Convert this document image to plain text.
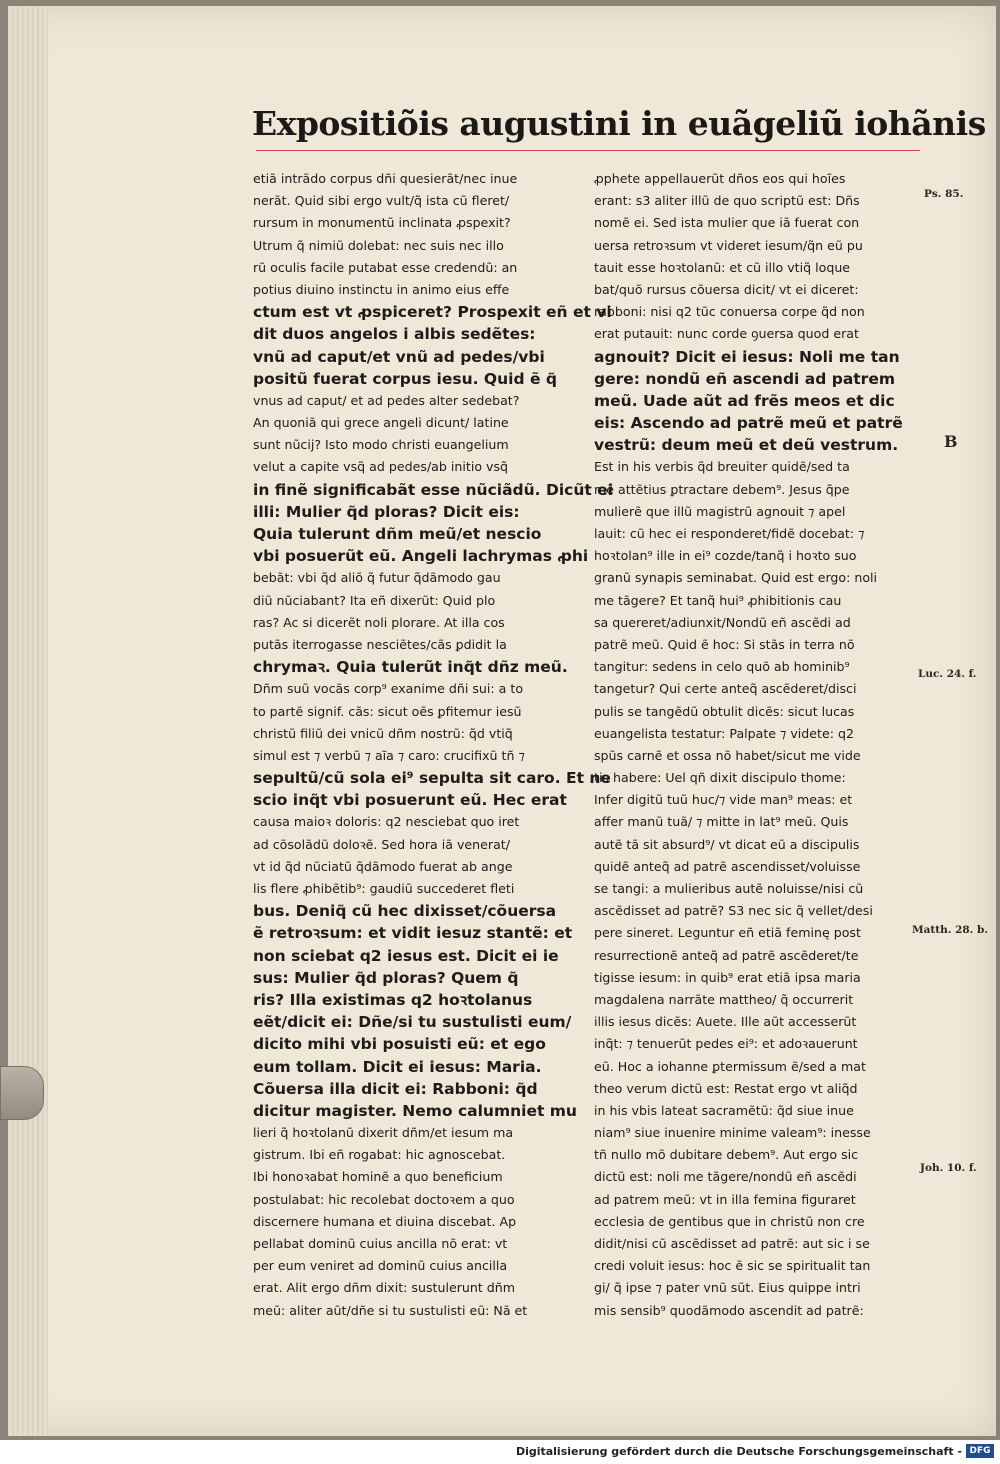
Expositiõis augustini in euãgeliũ iohãnis
etiã intrãdo corpus dñi quesierãt/nec inue
nerãt. Quid sibi ergo vult/q̃ ista cũ fleret/
rursum in monumentũ inclinata ꝓspexit?
Utrum q̃ nimiũ dolebat: nec suis nec illo
rũ oculis facile putabat esse credendũ: an
potius diuino instinctu in animo eius effe
ctum est vt ꝓspiceret? Prospexit eñ et vi
dit duos angelos i albis sedẽtes:
vnũ ad caput/et vnũ ad pedes/vbi
positũ fuerat corpus iesu. Quid ẽ q̃
vnus ad caput/ et ad pedes alter sedebat?
An quoniã qui grece angeli dicunt/ latine
sunt nũcij? Isto modo christi euangelium
velut a capite vsq̃ ad pedes/ab initio vsq̃
in finẽ significabãt esse nũciãdũ. Dicũt ei
illi: Mulier q̃d ploras? Dicit eis:
Quia tulerunt dñm meũ/et nescio
vbi posuerũt eũ. Angeli lachrymas ꝓhi
bebãt: vbi q̃d aliõ q̃ futur q̃dãmodo gau
diũ nũciabant? Ita eñ dixerũt: Quid plo
ras? Ac si dicerẽt noli plorare. At illa cos
putãs iterrogasse nesciẽtes/cãs ꝑdidit la
chrymaꝛ. Quia tulerũt inq̃t dñz meũ.
Dñm suũ vocãs corp⁹ exanime dñi sui: a to
to partẽ signif. cãs: sicut oẽs ꝑfitemur iesũ
christũ filiũ dei vnicũ dñm nostrũ: q̃d vtiq̃
simul est ⁊ verbũ ⁊ aĩa ⁊ caro: crucifixũ tñ ⁊
sepultũ/cũ sola ei⁹ sepulta sit caro. Et ne
scio inq̃t vbi posuerunt eũ. Hec erat
causa maioꝛ doloris: q2 nesciebat quo iret
ad cõsolãdũ doloꝛẽ. Sed hora iã venerat/
vt id q̃d nũciatũ q̃dãmodo fuerat ab ange
lis flere ꝓhibẽtib⁹: gaudiũ succederet fleti
bus. Deniq̃ cũ hec dixisset/cõuersa
ẽ retroꝛsum: et vidit iesuz stantẽ: et
non sciebat q2 iesus est. Dicit ei ie
sus: Mulier q̃d ploras? Quem q̃
ris? Illa existimas q2 hoꝛtolanus
eẽt/dicit ei: Dñe/si tu sustulisti eum/
dicito mihi vbi posuisti eũ: et ego
eum tollam. Dicit ei iesus: Maria.
Cõuersa illa dicit ei: Rabboni: q̃d
dicitur magister. Nemo calumniet mu
lieri q̃ hoꝛtolanũ dixerit dñm/et iesum ma
gistrum. Ibi eñ rogabat: hic agnoscebat.
Ibi honoꝛabat hominẽ a quo beneficium
postulabat: hic recolebat doctoꝛem a quo
discernere humana et diuina discebat. Ap
pellabat dominũ cuius ancilla nõ erat: vt
per eum veniret ad dominũ cuius ancilla
erat. Alit ergo dñm dixit: sustulerunt dñm
meũ: aliter aũt/dñe si tu sustulisti eũ: Nã et
ꝓphete appellauerũt dños eos qui hoĩes
erant: s3 aliter illũ de quo scriptũ est: Dñs
nomẽ ei. Sed ista mulier que iã fuerat con
uersa retroꝛsum vt videret iesum/q̃n eũ pu
tauit esse hoꝛtolanũ: et cũ illo vtiq̃ loque
bat/quõ rursus cõuersa dicit/ vt ei diceret:
rabboni: nisi q2 tũc conuersa corpe q̃d non
erat putauit: nunc corde ꝯuersa quod erat
agnouit? Dicit ei iesus: Noli me tan
gere: nondũ eñ ascendi ad patrem
meũ. Uade aũt ad frẽs meos et dic
eis: Ascendo ad patrẽ meũ et patrẽ
vestrũ: deum meũ et deũ vestrum.
Est in his verbis q̃d breuiter quidẽ/sed ta
mẽ attẽtius ꝑtractare debem⁹. Jesus q̃pe
mulierẽ que illũ magistrũ agnouit ⁊ apel
lauit: cũ hec ei responderet/fidẽ docebat: ⁊
hoꝛtolan⁹ ille in ei⁹ cozde/tanq̃ i hoꝛto suo
granũ synapis seminabat. Quid est ergo: noli
me tãgere? Et tanq̃ hui⁹ ꝓhibitionis cau
sa quereret/adiunxit/Nondũ eñ ascẽdi ad
patrẽ meũ. Quid ẽ hoc: Si stãs in terra nõ
tangitur: sedens in celo quõ ab hominib⁹
tangetur? Qui certe anteq̃ ascẽderet/disci
pulis se tangẽdũ obtulit dicẽs: sicut lucas
euangelista testatur: Palpate ⁊ videte: q2
spũs carnẽ et ossa nõ habet/sicut me vide
tis habere: Uel qñ dixit discipulo thome:
Infer digitũ tuũ huc/⁊ vide man⁹ meas: et
affer manũ tuã/ ⁊ mitte in lat⁹ meũ. Quis
autẽ tã sit absurd⁹/ vt dicat eũ a discipulis
quidẽ anteq̃ ad patrẽ ascendisset/voluisse
se tangi: a mulieribus autẽ noluisse/nisi cũ
ascẽdisset ad patrẽ? S3 nec sic q̃ vellet/desi
pere sineret. Leguntur eñ etiã feminę post
resurrectionẽ anteq̃ ad patrẽ ascẽderet/te
tigisse iesum: in quib⁹ erat etiã ipsa maria
magdalena narrãte mattheo/ q̃ occurrerit
illis iesus dicẽs: Auete. Ille aũt accesserũt
inq̃t: ⁊ tenuerũt pedes ei⁹: et adoꝛauerunt
eũ. Hoc a iohanne ꝑtermissum ẽ/sed a mat
theo verum dictũ est: Restat ergo vt aliq̃d
in his vbis lateat sacramẽtũ: q̃d siue inue
niam⁹ siue inuenire minime valeam⁹: inesse
tñ nullo mõ dubitare debem⁹. Aut ergo sic
dictũ est: noli me tãgere/nondũ eñ ascẽdi
ad patrem meũ: vt in illa femina figuraret
ecclesia de gentibus que in christũ non cre
didit/nisi cũ ascẽdisset ad patrẽ: aut sic i se
credi voluit iesus: hoc ẽ sic se spiritualit tan
gi/ q̃ ipse ⁊ pater vnũ sũt. Eius quippe intri
mis sensib⁹ quodãmodo ascendit ad patrẽ:
Ps. 85.
B
Luc. 24. f.
Matth. 28. b.
Joh. 10. f.
Digitalisierung gefördert durch die Deutsche Forschungsgemeinschaft - DFG
